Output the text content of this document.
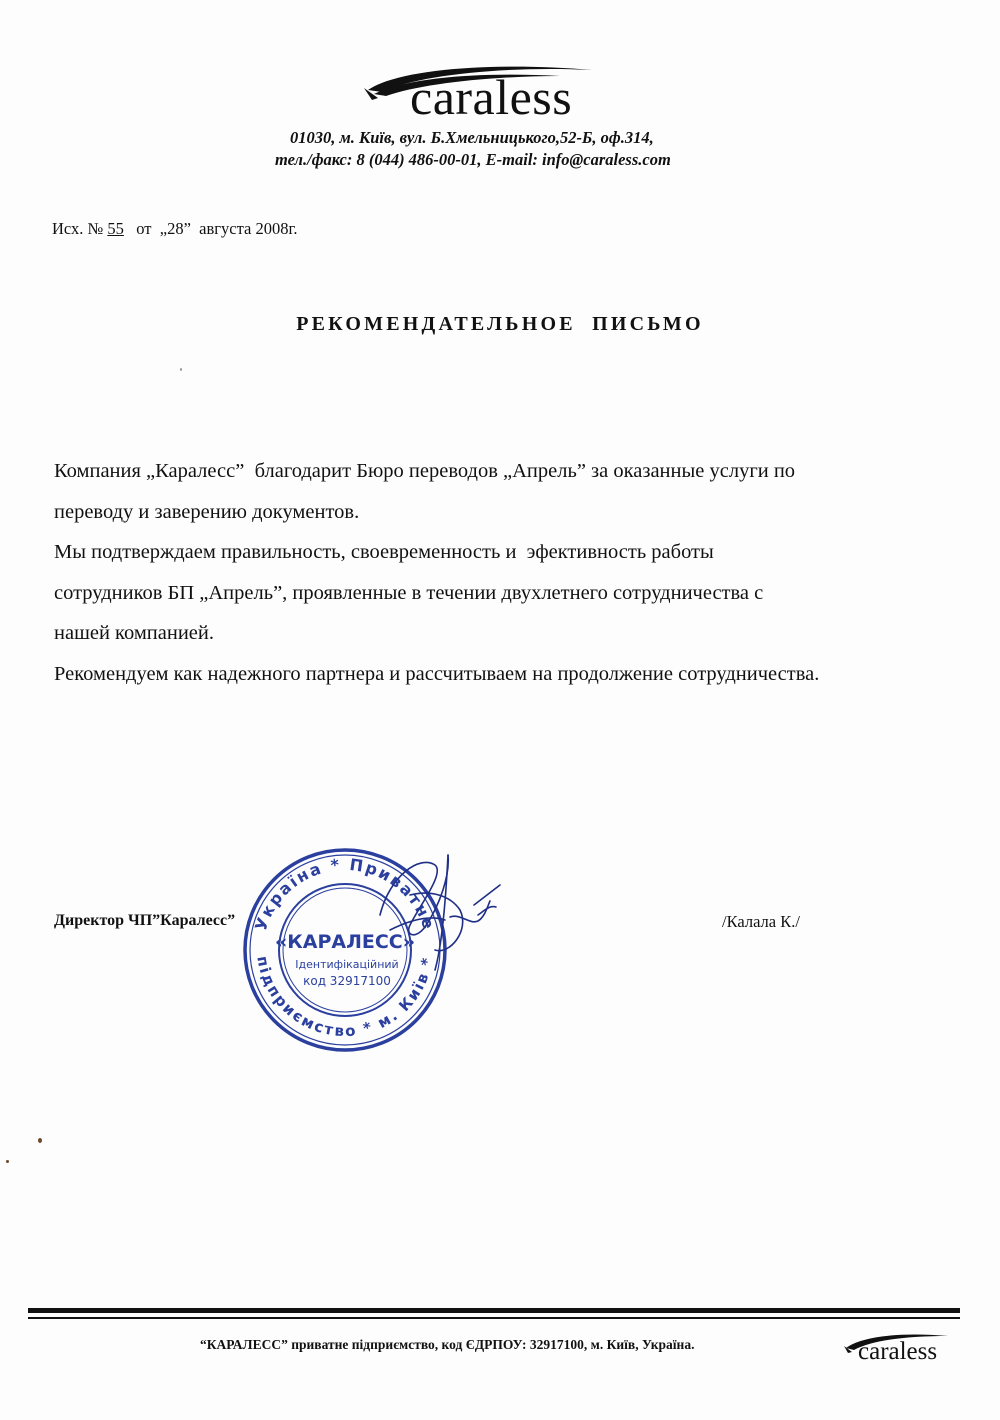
caraless
01030, м. Київ, вул. Б.Хмельницького,52-Б, оф.314,
тел./факс: 8 (044) 486-00-01, E-mail: info@caraless.com
Исх. № 55 от „28” августа 2008г.
РЕКОМЕНДАТЕЛЬНОЕ  ПИСЬМО

Компания „Каралесс”  благодарит Бюро переводов „Апрель” за оказанные услуги по

переводу и заверению документов.

Мы подтверждаем правильность, своевременность и  эфективность работы

сотрудников БП „Апрель”, проявленные в течении двухлетнего сотрудничества с

нашей компанией.

Рекомендуем как надежного партнера и рассчитываем на продолжение сотрудничества.

Директор ЧП”Каралесс”	/Калала К./
Україна * Приватне
підприємство * м. Київ *
«КАРАЛЕСС»
Ідентифікаційний
код 32917100
“КАРАЛЕСС” приватне підприємство, код ЄДРПОУ: 32917100, м. Київ, Україна.	caraless
